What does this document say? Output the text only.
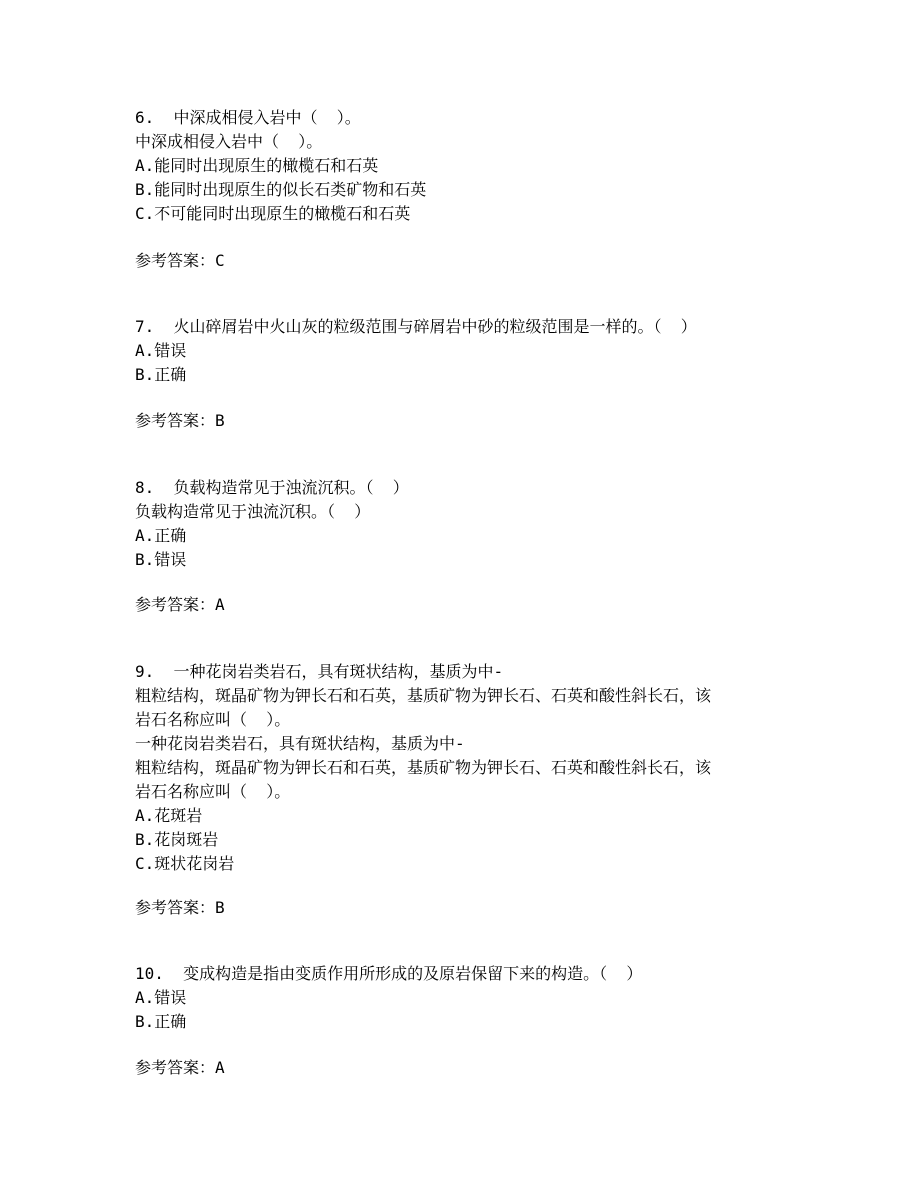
6.  中深成相侵入岩中（  ）。
中深成相侵入岩中（  ）。
A.能同时出现原生的橄榄石和石英
B.能同时出现原生的似长石类矿物和石英
C.不可能同时出现原生的橄榄石和石英
参考答案：C
7.  火山碎屑岩中火山灰的粒级范围与碎屑岩中砂的粒级范围是一样的。（  ）
A.错误
B.正确
参考答案：B
8.  负载构造常见于浊流沉积。（  ）
负载构造常见于浊流沉积。（  ）
A.正确
B.错误
参考答案：A
9.  一种花岗岩类岩石，具有斑状结构，基质为中-
粗粒结构，斑晶矿物为钾长石和石英，基质矿物为钾长石、石英和酸性斜长石，该
岩石名称应叫（  ）。
一种花岗岩类岩石，具有斑状结构，基质为中-
粗粒结构，斑晶矿物为钾长石和石英，基质矿物为钾长石、石英和酸性斜长石，该
岩石名称应叫（  ）。
A.花斑岩
B.花岗斑岩
C.斑状花岗岩
参考答案：B
10.  变成构造是指由变质作用所形成的及原岩保留下来的构造。（  ）
A.错误
B.正确
参考答案：A
